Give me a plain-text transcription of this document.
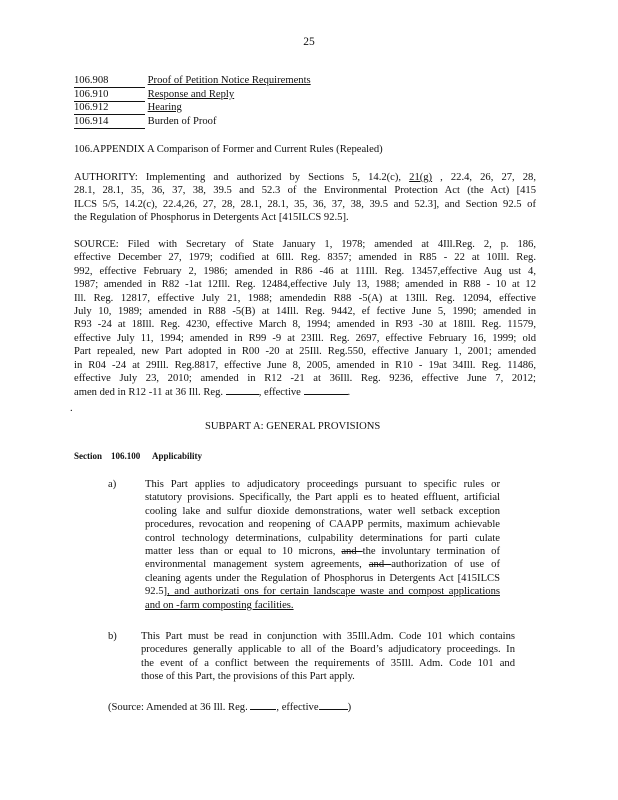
25
106.908	Proof of Petition Notice Requirements
106.910	Response and Reply
106.912	Hearing
106.914	Burden of Proof
106.APPENDIX A Comparison of Former and Current Rules (Repealed)
AUTHORITY: Implementing and authorized by Sections 5, 14.2(c), 21(g) , 22.4, 26, 27, 28,
28.1, 28.1, 35, 36, 37, 38, 39.5 and 52.3 of the Environmental Protection Act (the Act) [415
ILCS 5/5, 14.2(c), 22.4,26, 27, 28, 28.1, 28.1, 35, 36, 37, 38, 39.5 and 52.3], and Section 92.5 of
the Regulation of Phosphorus in Detergents Act [415ILCS 92.5].
SOURCE: Filed with Secretary of State January 1, 1978; amended at 4Ill.Reg. 2, p. 186,
effective December 27, 1979; codified at 6Ill. Reg. 8357; amended in R85 - 22 at 10Ill. Reg.
992, effective February 2, 1986; amended in R86 -46 at 11Ill. Reg. 13457,effective Aug ust 4,
1987; amended in R82 -1at 12Ill. Reg. 12484,effective July 13, 1988; amended in R88 - 10 at 12
Ill. Reg. 12817, effective July 21, 1988; amendedin R88 -5(A) at 13Ill. Reg. 12094, effective
July 10, 1989; amended in R88 -5(B) at 14Ill. Reg. 9442, ef fective June 5, 1990; amended in
R93 -24 at 18Ill. Reg. 4230, effective March 8, 1994; amended in R93 -30 at 18Ill. Reg. 11579,
effective July 11, 1994; amended in R99 -9 at 23Ill. Reg. 2697, effective February 16, 1999; old
Part repealed, new Part adopted in R00 -20 at 25Ill. Reg.550, effective January 1, 2001; amended
in R04 -24 at 29Ill. Reg.8817, effective June 8, 2005, amended in R10 - 19at 34Ill. Reg. 11486,
effective July 23, 2010; amended in R12 -21 at 36Ill. Reg. 9236, effective June 7, 2012;
amen ded in R12 -11 at 36 Ill. Reg.	, effective	.
.
SUBPART A: GENERAL PROVISIONS
Section 106.100 Applicability
a)	This Part applies to adjudicatory proceedings pursuant to specific rules or
statutory provisions. Specifically, the Part appli es to heated effluent, artificial
cooling lake and sulfur dioxide demonstrations, water well setback exception
procedures, revocation and reopening of CAAPP permits, maximum achievable
control technology determinations, culpability determinations for parti culate
matter less than or equal to 10 microns, and the involuntary termination of
environmental management system agreements, and authorization of use of
cleaning agents under the Regulation of Phosphorus in Detergents Act [415ILCS
92.5], and authorizati ons for certain landscape waste and compost applications
and on -farm composting facilities.
b) This Part must be read in conjunction with 35Ill.Adm. Code 101 which contains
procedures generally applicable to all of the Board’s adjudicatory proceedings. In
the event of a conflict between the requirements of 35Ill. Adm. Code 101 and
those of this Part, the provisions of this Part apply.
(Source: Amended at 36 Ill. Reg.	, effective	)
